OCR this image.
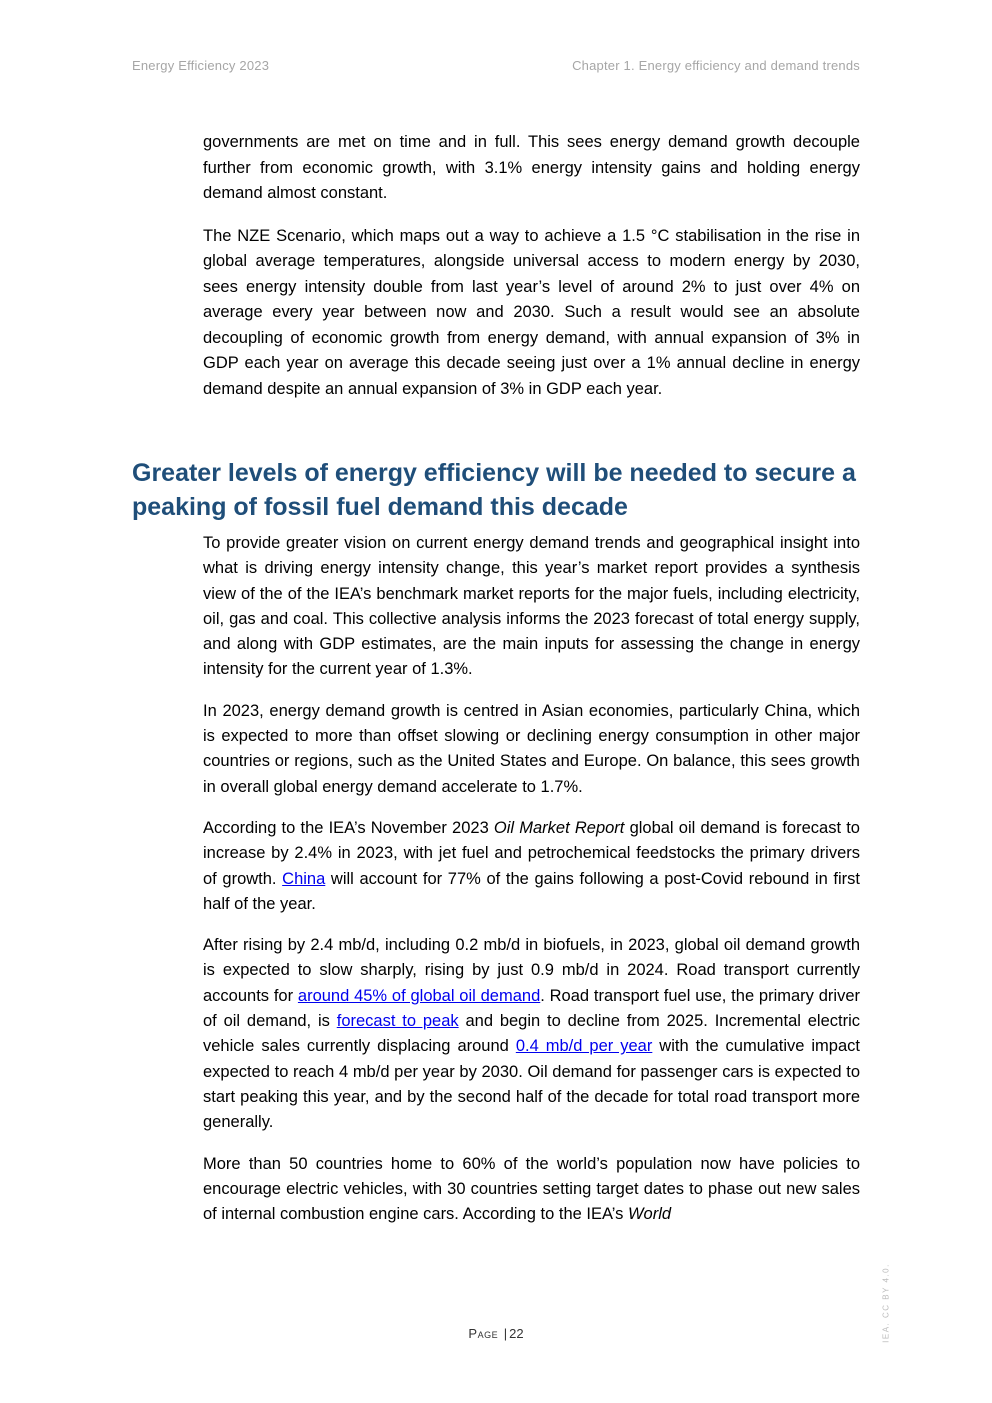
Energy Efficiency 2023	Chapter 1. Energy efficiency and demand trends

governments are met on time and in full. This sees energy demand growth decouple further from economic growth, with 3.1% energy intensity gains and holding energy demand almost constant.

The NZE Scenario, which maps out a way to achieve a 1.5 °C stabilisation in the rise in global average temperatures, alongside universal access to modern energy by 2030, sees energy intensity double from last year’s level of around 2% to just over 4% on average every year between now and 2030. Such a result would see an absolute decoupling of economic growth from energy demand, with annual expansion of 3% in GDP each year on average this decade seeing just over a 1% annual decline in energy demand despite an annual expansion of 3% in GDP each year.

Greater levels of energy efficiency will be needed to secure a peaking of fossil fuel demand this decade

To provide greater vision on current energy demand trends and geographical insight into what is driving energy intensity change, this year’s market report provides a synthesis view of the of the IEA’s benchmark market reports for the major fuels, including electricity, oil, gas and coal. This collective analysis informs the 2023 forecast of total energy supply, and along with GDP estimates, are the main inputs for assessing the change in energy intensity for the current year of 1.3%.

In 2023, energy demand growth is centred in Asian economies, particularly China, which is expected to more than offset slowing or declining energy consumption in other major countries or regions, such as the United States and Europe. On balance, this sees growth in overall global energy demand accelerate to 1.7%.

According to the IEA’s November 2023 Oil Market Report global oil demand is forecast to increase by 2.4% in 2023, with jet fuel and petrochemical feedstocks the primary drivers of growth. China will account for 77% of the gains following a post-Covid rebound in first half of the year.

After rising by 2.4 mb/d, including 0.2 mb/d in biofuels, in 2023, global oil demand growth is expected to slow sharply, rising by just 0.9 mb/d in 2024. Road transport currently accounts for around 45% of global oil demand. Road transport fuel use, the primary driver of oil demand, is forecast to peak and begin to decline from 2025. Incremental electric vehicle sales currently displacing around 0.4 mb/d per year with the cumulative impact expected to reach 4 mb/d per year by 2030. Oil demand for passenger cars is expected to start peaking this year, and by the second half of the decade for total road transport more generally.

More than 50 countries home to 60% of the world’s population now have policies to encourage electric vehicles, with 30 countries setting target dates to phase out new sales of internal combustion engine cars. According to the IEA’s World

Page | 22	IEA. CC BY 4.0.
